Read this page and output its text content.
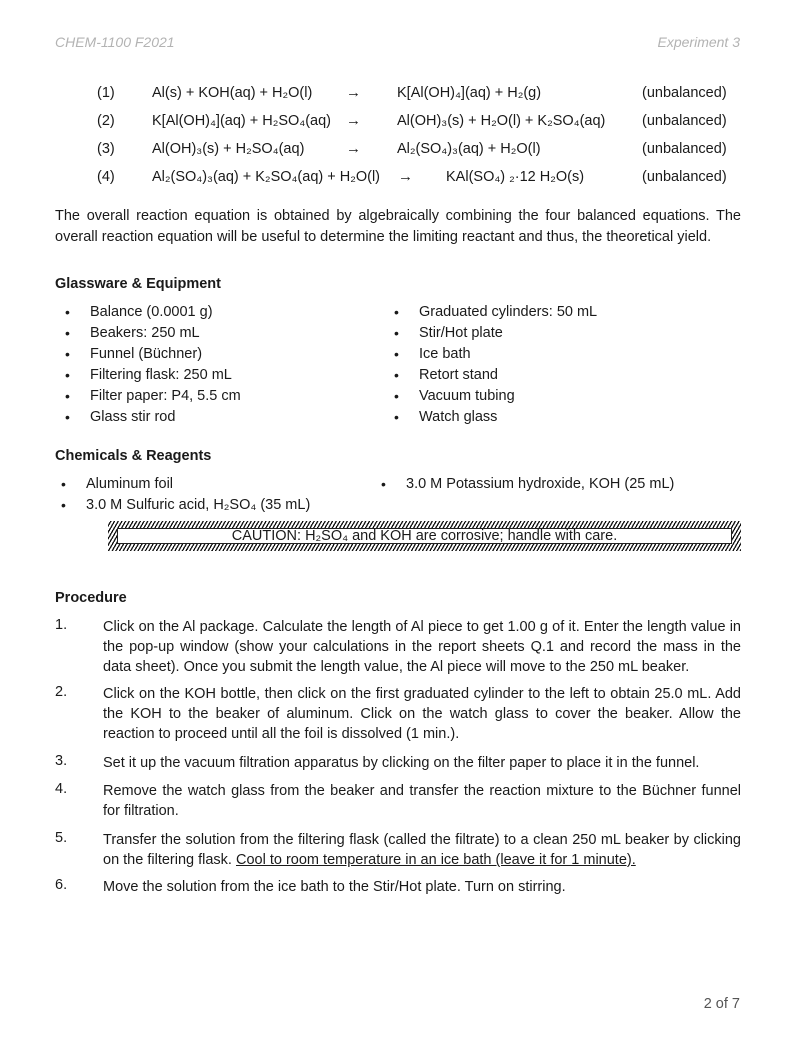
CHEM-1100 F2021	Experiment 3
(1)	Al(s) + KOH(aq) + H₂O(l) → K[Al(OH)₄](aq) + H₂(g)	(unbalanced)
(2)	K[Al(OH)₄](aq) + H₂SO₄(aq) → Al(OH)₃(s) + H₂O(l) + K₂SO₄(aq)	(unbalanced)
(3)	Al(OH)₃(s) + H₂SO₄(aq)	→ Al₂(SO₄)₃(aq) + H₂O(l)	(unbalanced)
(4)	Al₂(SO₄)₃(aq) + K₂SO₄(aq) + H₂O(l) → KAl(SO₄) ₂·12 H₂O(s)	(unbalanced)
The overall reaction equation is obtained by algebraically combining the four balanced equations. The overall reaction equation will be useful to determine the limiting reactant and thus, the theoretical yield.
Glassware & Equipment
• Balance (0.0001 g)
• Beakers: 250 mL
• Funnel (Büchner)
• Filtering flask: 250 mL
• Filter paper: P4, 5.5 cm
• Glass stir rod
• Graduated cylinders: 50 mL
• Stir/Hot plate
• Ice bath
• Retort stand
• Vacuum tubing
• Watch glass
Chemicals & Reagents
• Aluminum foil
• 3.0 M Sulfuric acid, H₂SO₄ (35 mL)
• 3.0 M Potassium hydroxide, KOH (25 mL)
CAUTION: H₂SO₄ and KOH are corrosive; handle with care.
Procedure
1. Click on the Al package. Calculate the length of Al piece to get 1.00 g of it. Enter the length value in the pop-up window (show your calculations in the report sheets Q.1 and record the mass in the data sheet). Once you submit the length value, the Al piece will move to the 250 mL beaker.
2. Click on the KOH bottle, then click on the first graduated cylinder to the left to obtain 25.0 mL. Add the KOH to the beaker of aluminum. Click on the watch glass to cover the beaker. Allow the reaction to proceed until all the foil is dissolved (1 min.).
3. Set it up the vacuum filtration apparatus by clicking on the filter paper to place it in the funnel.
4. Remove the watch glass from the beaker and transfer the reaction mixture to the Büchner funnel for filtration.
5. Transfer the solution from the filtering flask (called the filtrate) to a clean 250 mL beaker by clicking on the filtering flask. Cool to room temperature in an ice bath (leave it for 1 minute).
6. Move the solution from the ice bath to the Stir/Hot plate. Turn on stirring.
2 of 7
